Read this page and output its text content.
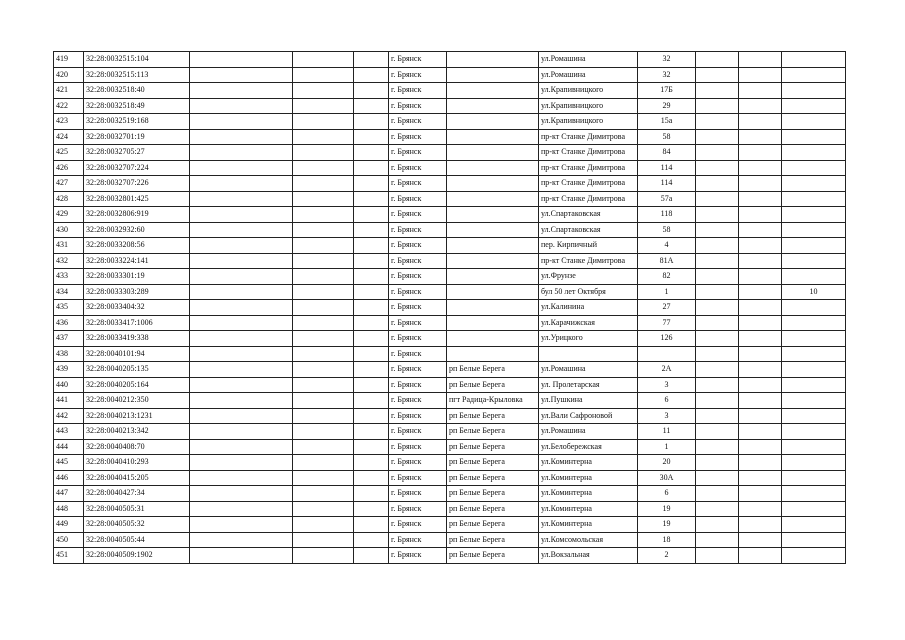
419	32:28:0032515:104				г. Брянск		ул.Ромашина	32			
420	32:28:0032515:113				г. Брянск		ул.Ромашина	32			
421	32:28:0032518:40				г. Брянск		ул.Крапивницкого	17Б			
422	32:28:0032518:49				г. Брянск		ул.Крапивницкого	29			
423	32:28:0032519:168				г. Брянск		ул.Крапивницкого	15а			
424	32:28:0032701:19				г. Брянск		пр-кт Станке Димитрова	58			
425	32:28:0032705:27				г. Брянск		пр-кт Станке Димитрова	84			
426	32:28:0032707:224				г. Брянск		пр-кт Станке Димитрова	114			
427	32:28:0032707:226				г. Брянск		пр-кт Станке Димитрова	114			
428	32:28:0032801:425				г. Брянск		пр-кт Станке Димитрова	57а			
429	32:28:0032806:919				г. Брянск		ул.Спартаковская	118			
430	32:28:0032932:60				г. Брянск		ул.Спартаковская	58			
431	32:28:0033208:56				г. Брянск		пер. Кирпичный	4			
432	32:28:0033224:141				г. Брянск		пр-кт Станке Димитрова	81А			
433	32:28:0033301:19				г. Брянск		ул.Фрунзе	82			
434	32:28:0033303:289				г. Брянск		бул 50 лет Октября	1			10
435	32:28:0033404:32				г. Брянск		ул.Калинина	27			
436	32:28:0033417:1006				г. Брянск		ул.Карачижская	77			
437	32:28:0033419:338				г. Брянск		ул.Урицкого	126			
438	32:28:0040101:94				г. Брянск						
439	32:28:0040205:135				г. Брянск	рп Белые Берега	ул.Ромашина	2А			
440	32:28:0040205:164				г. Брянск	рп Белые Берега	ул. Пролетарская	3			
441	32:28:0040212:350				г. Брянск	пгт Радица-Крыловка	ул.Пушкина	6			
442	32:28:0040213:1231				г. Брянск	рп Белые Берега	ул.Вали Сафроновой	3			
443	32:28:0040213:342				г. Брянск	рп Белые Берега	ул.Ромашина	11			
444	32:28:0040408:70				г. Брянск	рп Белые Берега	ул.Белобережская	1			
445	32:28:0040410:293				г. Брянск	рп Белые Берега	ул.Коминтерна	20			
446	32:28:0040415:205				г. Брянск	рп Белые Берега	ул.Коминтерна	30А			
447	32:28:0040427:34				г. Брянск	рп Белые Берега	ул.Коминтерна	6			
448	32:28:0040505:31				г. Брянск	рп Белые Берега	ул.Коминтерна	19			
449	32:28:0040505:32				г. Брянск	рп Белые Берега	ул.Коминтерна	19			
450	32:28:0040505:44				г. Брянск	рп Белые Берега	ул.Комсомольская	18			
451	32:28:0040509:1902				г. Брянск	рп Белые Берега	ул.Вокзальная	2			
